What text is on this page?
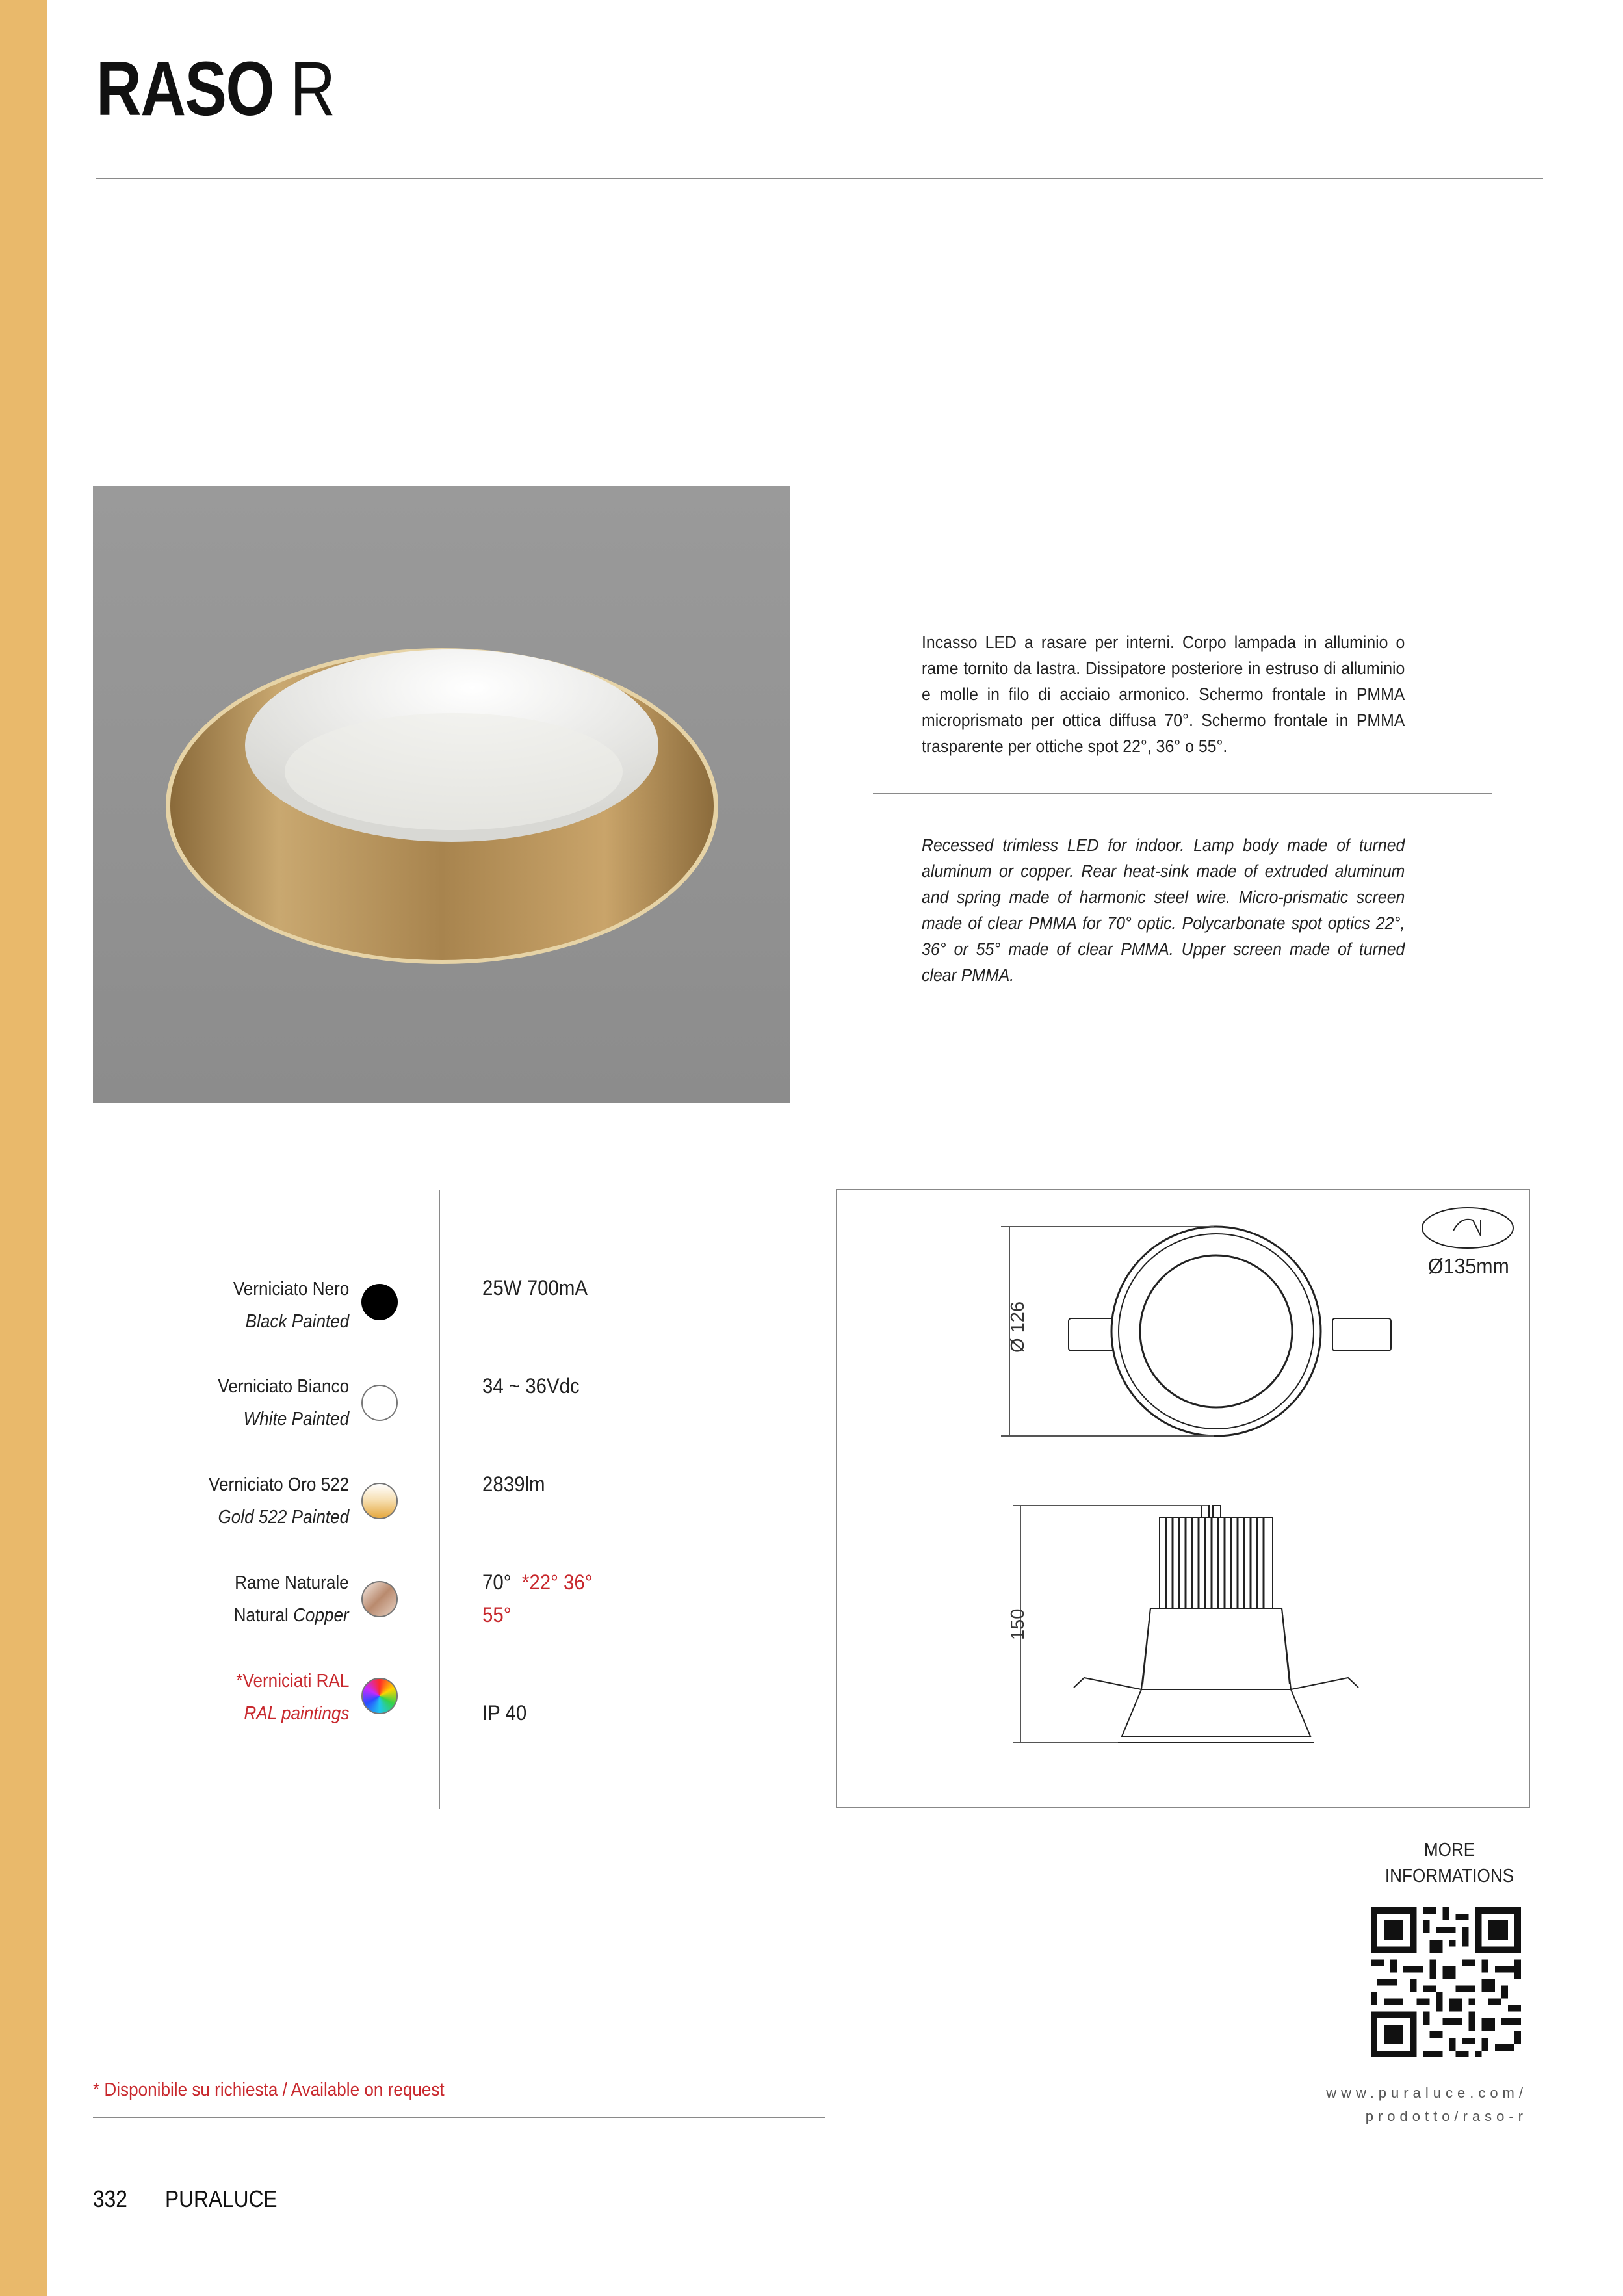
RASO R
Incasso LED a rasare per interni. Corpo lampada in alluminio o rame tornito da lastra. Dissipatore posteriore in estruso di alluminio e molle in filo di acciaio armonico. Schermo frontale in PMMA microprismato per ottica diffusa 70°. Schermo frontale in PMMA trasparente per ottiche spot 22°, 36° o 55°.
Recessed trimless LED for indoor. Lamp body made of turned aluminum or copper. Rear heat-sink made of extruded aluminum and spring made of harmonic steel wire. Micro-prismatic screen made of clear PMMA for 70° optic. Polycarbonate spot optics 22°, 36° or 55° made of clear PMMA. Upper screen made of turned clear PMMA.
Verniciato Nero
Black Painted
Verniciato Bianco
White Painted
Verniciato Oro 522
Gold 522 Painted
Rame Naturale
Natural Copper
*Verniciati RAL
RAL paintings
25W 700mA
34 ~ 36Vdc
2839lm
70° *22° 36°
55°
IP 40
Ø 126
150
Ø135mm
MORE
INFORMATIONS
www.puraluce.com/
prodotto/raso-r
* Disponibile su richiesta / Available on request
332 PURALUCE
